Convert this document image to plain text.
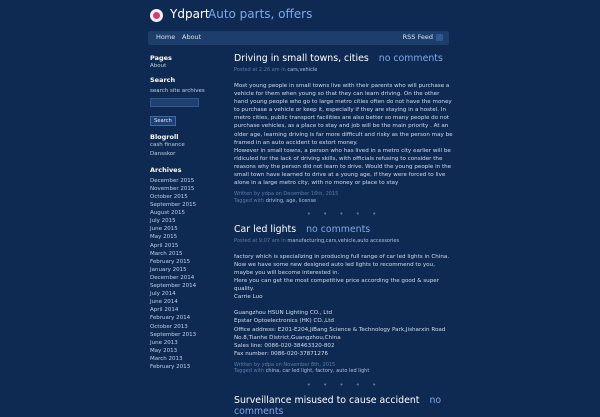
Ydpart
Auto parts, offers
Home About	RSS Feed
Pages
About
Search
search site archives
Search
Blogroll
cash finance
Dansskor
Archives
December 2015
November 2015
October 2015
September 2015
August 2015
July 2015
June 2015
May 2015
April 2015
March 2015
February 2015
January 2015
December 2014
September 2014
July 2014
June 2014
April 2014
February 2014
October 2013
September 2013
June 2013
May 2013
March 2013
February 2013
Driving in small towns, cities no comments
Posted at 2:26 am in cars,vehicle

Most young people in small towns live with their parents who will purchase a vehicle for them when young so that they can learn driving. On the other hand young people who go to large metro cities often do not have the money to purchase a vehicle or keep it, especially if they are staying in a hostel. In metro cities, public transport facilities are also better so many people do not purchase vehicles, as a place to stay and job will be the main priority . At an older age, learning driving is far more difficult and risky as the person may be framed in an auto accident to extort money.

However in small towns, a person who has lived in a metro city earlier will be ridiculed for the lack of driving skills, with officials refusing to consider the reasons why the person did not learn to drive. Would the young people in the small town have learned to drive at a young age, if they were forced to live alone in a large metro city, with no money or place to stay

Written by ydpa on December 16th, 2015
Tagged with driving, age, license
• • • • •
Car led lights no comments
Posted at 9:07 am in manufacturing,cars,vehicle,auto accessories

factory which is specializing in producing full range of car led lights in China. Now we have some new designed auto led lights to recommend to you, maybe you will become interested in.

Here you can get the most competitive price according the good & super quality.

Carrie Luo

Guangzhou HSUN Lighting CO., Ltd

Epstar Optoelectronics (HK) CO.,Ltd

Office address: E201-E204,JiBang Science & Technology Park,Jisharxin Road No.8,Tianhe District,Guangzhou,China

Sales line: 0086-020-38463320-802

Fax number: 0086-020-37871276

Written by ydpa on November 8th, 2015
Tagged with china, car led light, factory, auto led light
• • • • •
Surveillance misused to cause accident no comments
